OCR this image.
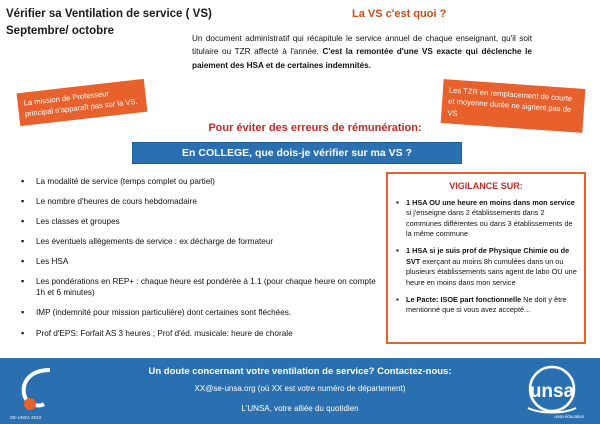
Vérifier sa Ventilation de service ( VS)
Septembre/ octobre
La VS c'est quoi ?
Un document administratif qui récapitule le service annuel de chaque enseignant, qu'il soit titulaire ou TZR affecté à l'année. C'est la remontée d'une VS exacte qui déclenche le paiement des HSA et de certaines indemnités.
La mission de Professeur principal n'apparaît pas sur la VS.
Les TZR en remplacement de courte et moyenne durée ne signent pas de VS
Pour éviter des erreurs de rémunération:
En COLLEGE, que dois-je vérifier sur ma VS ?
▪ La modalité de service (temps complet ou partiel)
▪ Le nombre d'heures de cours hebdomadaire
▪ Les classes et groupes
▪ Les éventuels allègements de service : ex décharge de formateur
▪ Les HSA
▪ Les pondérations en REP+ : chaque heure est pondérée à 1.1 (pour chaque heure on compte 1h et 6 minutes)
▪ IMP (indemnité pour mission particulière) dont certaines sont fléchées.
▪ Prof d'EPS: Forfait AS 3 heures ; Prof d'éd. musicale: heure de chorale
VIGILANCE SUR:
▪ 1 HSA OU une heure en moins dans mon service si j'enseigne dans 2 établissements dans 2 communes différentes ou dans 3 établissements de la même commune
▪ 1 HSA si je suis prof de Physique Chimie ou de SVT exerçant au moins 8h cumulées dans un ou plusieurs établissements sans agent de labo OU une heure en moins dans mon service
▪ Le Pacte: ISOE part fonctionnelle Ne doit y être mentionné que si vous avez accepté...
Un doute concernant votre ventilation de service? Contactez-nous:
XX@se-unsa.org (où XX est votre numéro de département)
L'UNSA, votre alliée du quotidien
SE-UNSA 2024
unsa
unsa éducation
